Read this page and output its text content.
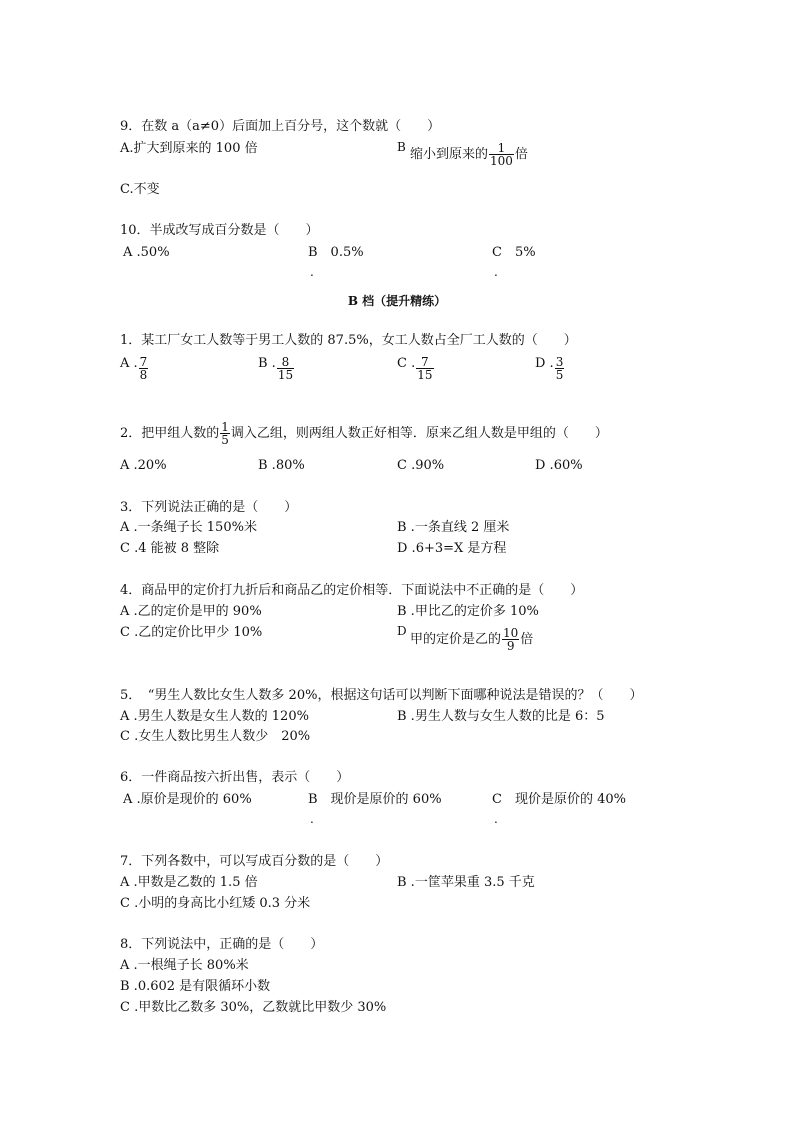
9．在数 a（a≠0）后面加上百分号，这个数就（　　）
A.扩大到原来的 100 倍	B 缩小到原来的 $\frac{1}{100}$ 倍
C.不变
10．半成改写成百分数是（　　）
A .50%	B　0.5%	C　5%
.	.
B 档（提升精练）
1．某工厂女工人数等于男工人数的 87.5%，女工人数占全厂工人数的（　　）
A . $\frac{7}{8}$	B . $\frac{8}{15}$	C . $\frac{7}{15}$	D . $\frac{3}{5}$
2．把甲组人数的 $\frac{1}{5}$ 调入乙组，则两组人数正好相等．原来乙组人数是甲组的（　　）
A .20%	B .80%	C .90%	D .60%
3．下列说法正确的是（　　）
A .一条绳子长 150%米	B .一条直线 2 厘米
C .4 能被 8 整除	D .6+3=X 是方程
4．商品甲的定价打九折后和商品乙的定价相等．下面说法中不正确的是（　　）
A .乙的定价是甲的 90%	B .甲比乙的定价多 10%
C .乙的定价比甲少 10%	D
甲的定价是乙的 $\frac{10}{9}$ 倍
5．　“男生人数比女生人数多 20%，根据这句话可以判断下面哪种说法是错误的？（　　）
A .男生人数是女生人数的 120%	B .男生人数与女生人数的比是 6：5
C .女生人数比男生人数少　20%
6．一件商品按六折出售，表示（　　）
A .原价是现价的 60%	B　现价是原价的 60%	C　现价是原价的 40%
.	.
7．下列各数中，可以写成百分数的是（　　）
A .甲数是乙数的 1.5 倍	B .一筐苹果重 3.5 千克
C .小明的身高比小红矮 0.3 分米
8．下列说法中，正确的是（　　）
A .一根绳子长 80%米
B .0.602 是有限循环小数
C .甲数比乙数多 30%，乙数就比甲数少 30%
